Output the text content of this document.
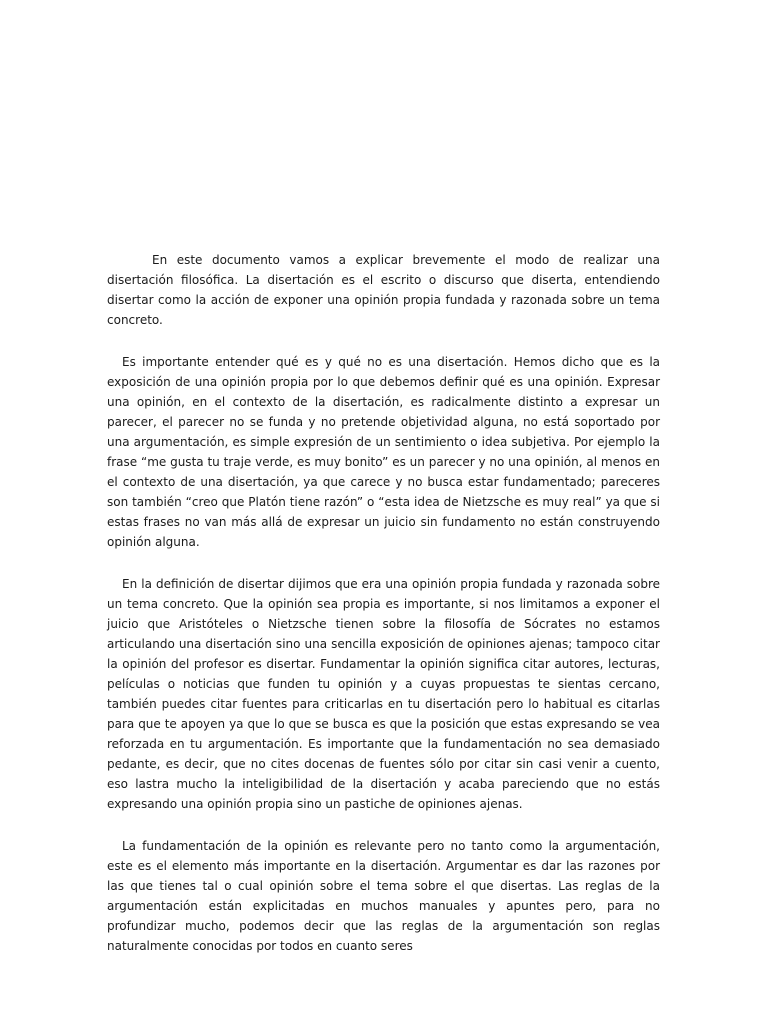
En este documento vamos a explicar brevemente el modo de realizar una disertación filosófica. La disertación es el escrito o discurso que diserta, entendiendo disertar como la acción de exponer una opinión propia fundada y razonada sobre un tema concreto.

Es importante entender qué es y qué no es una disertación. Hemos dicho que es la exposición de una opinión propia por lo que debemos definir qué es una opinión. Expresar una opinión, en el contexto de la disertación, es radicalmente distinto a expresar un parecer, el parecer no se funda y no pretende objetividad alguna, no está soportado por una argumentación, es simple expresión de un sentimiento o idea subjetiva. Por ejemplo la frase “me gusta tu traje verde, es muy bonito” es un parecer y no una opinión, al menos en el contexto de una disertación, ya que carece y no busca estar fundamentado; pareceres son también “creo que Platón tiene razón” o “esta idea de Nietzsche es muy real” ya que si estas frases no van más allá de expresar un juicio sin fundamento no están construyendo opinión alguna.

En la definición de disertar dijimos que era una opinión propia fundada y razonada sobre un tema concreto. Que la opinión sea propia es importante, si nos limitamos a exponer el juicio que Aristóteles o Nietzsche tienen sobre la filosofía de Sócrates no estamos articulando una disertación sino una sencilla exposición de opiniones ajenas; tampoco citar la opinión del profesor es disertar. Fundamentar la opinión significa citar autores, lecturas, películas o noticias que funden tu opinión y a cuyas propuestas te sientas cercano, también puedes citar fuentes para criticarlas en tu disertación pero lo habitual es citarlas para que te apoyen ya que lo que se busca es que la posición que estas expresando se vea reforzada en tu argumentación. Es importante que la fundamentación no sea demasiado pedante, es decir, que no cites docenas de fuentes sólo por citar sin casi venir a cuento, eso lastra mucho la inteligibilidad de la disertación y acaba pareciendo que no estás expresando una opinión propia sino un pastiche de opiniones ajenas.

La fundamentación de la opinión es relevante pero no tanto como la argumentación, este es el elemento más importante en la disertación. Argumentar es dar las razones por las que tienes tal o cual opinión sobre el tema sobre el que disertas. Las reglas de la argumentación están explicitadas en muchos manuales y apuntes pero, para no profundizar mucho, podemos decir que las reglas de la argumentación son reglas naturalmente conocidas por todos en cuanto seres
